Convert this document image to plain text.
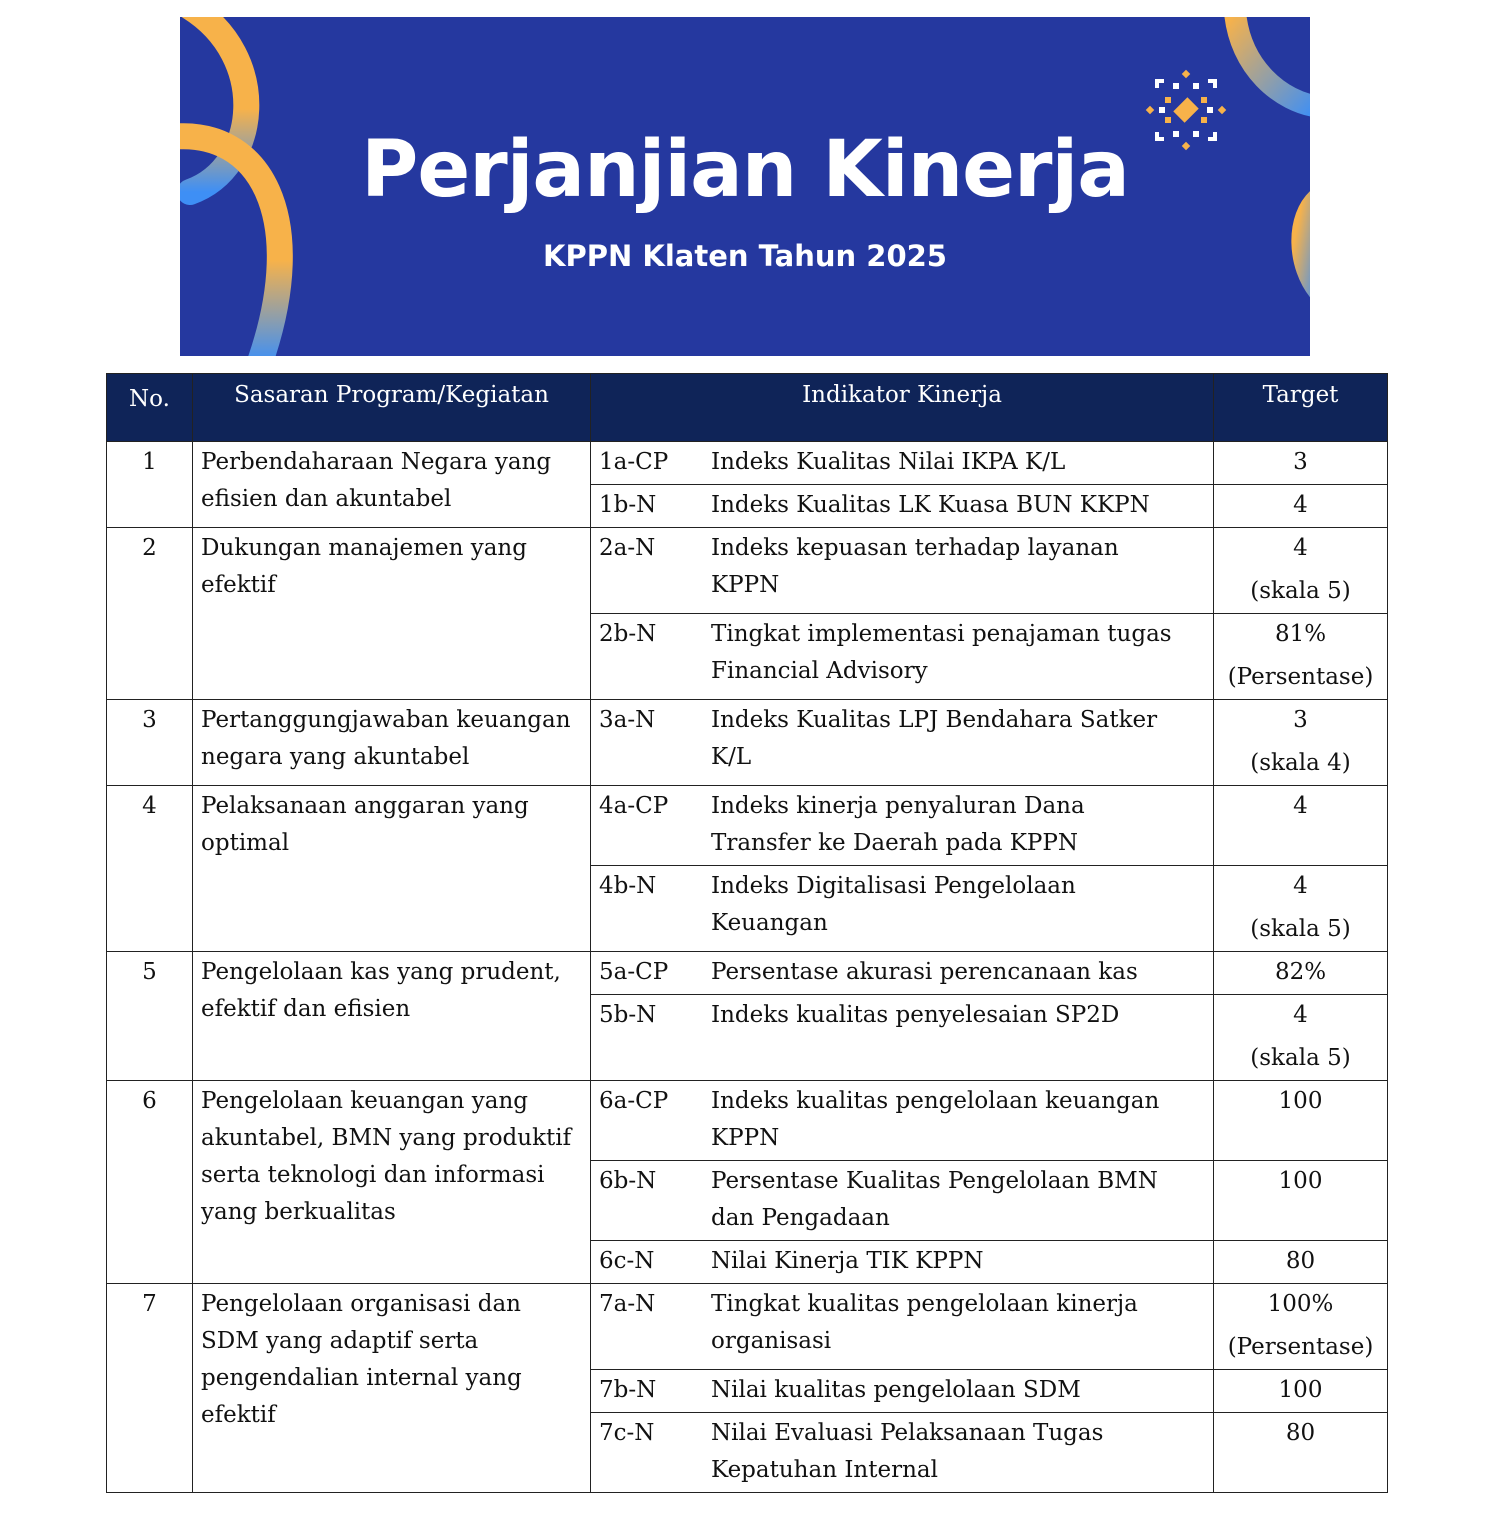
Perjanjian Kinerja
KPPN Klaten Tahun 2025
No.	Sasaran Program/Kegiatan	Indikator Kinerja	Target
1	Perbendaharaan Negara yang efisien dan akuntabel	1a-CP Indeks Kualitas Nilai IKPA K/L	3

		1b-N Indeks Kualitas LK Kuasa BUN KKPN	4

2	Dukungan manajemen yang efektif	2a-N Indeks kepuasan terhadap layanan KPPN	4
(skala 5)

		2b-N Tingkat implementasi penajaman tugas Financial Advisory	81%
(Persentase)

3	Pertanggungjawaban keuangan negara yang akuntabel	3a-N Indeks Kualitas LPJ Bendahara Satker K/L	3
(skala 4)

4	Pelaksanaan anggaran yang optimal	4a-CP Indeks kinerja penyaluran Dana Transfer ke Daerah pada KPPN	4

		4b-N Indeks Digitalisasi Pengelolaan Keuangan	4
(skala 5)

5	Pengelolaan kas yang prudent, efektif dan efisien	5a-CP Persentase akurasi perencanaan kas	82%

		5b-N Indeks kualitas penyelesaian SP2D	4
(skala 5)

6	Pengelolaan keuangan yang akuntabel, BMN yang produktif serta teknologi dan informasi yang berkualitas	6a-CP Indeks kualitas pengelolaan keuangan KPPN	100

		6b-N Persentase Kualitas Pengelolaan BMN dan Pengadaan	100

		6c-N Nilai Kinerja TIK KPPN	80

7	Pengelolaan organisasi dan SDM yang adaptif serta pengendalian internal yang efektif	7a-N Tingkat kualitas pengelolaan kinerja organisasi	100%
(Persentase)

		7b-N Nilai kualitas pengelolaan SDM	100

		7c-N Nilai Evaluasi Pelaksanaan Tugas Kepatuhan Internal	80
